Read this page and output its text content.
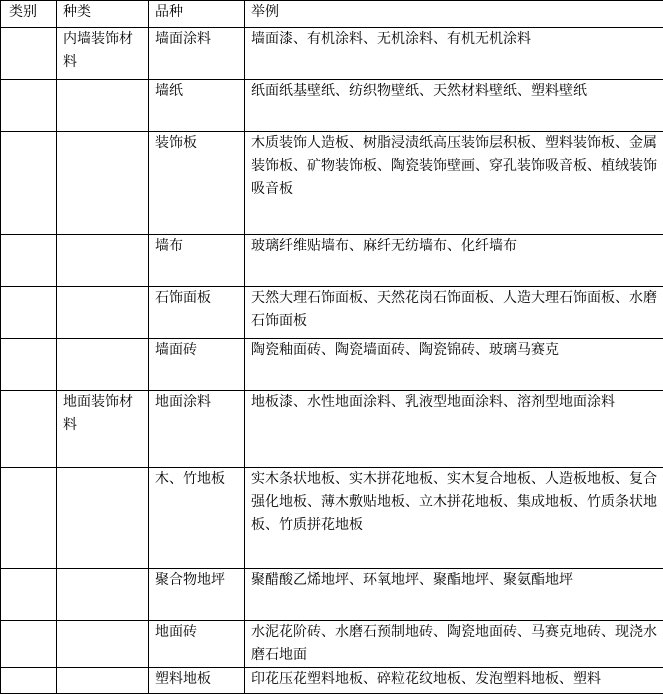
类别	种类	品种	举例
	内墙装饰材料	墙面涂料	墙面漆、有机涂料、无机涂料、有机无机涂料
		墙纸	纸面纸基壁纸、纺织物壁纸、天然材料壁纸、塑料壁纸
		装饰板	木质装饰人造板、树脂浸渍纸高压装饰层积板、塑料装饰板、金属装饰板、矿物装饰板、陶瓷装饰壁画、穿孔装饰吸音板、植绒装饰吸音板
		墙布	玻璃纤维贴墙布、麻纤无纺墙布、化纤墙布
		石饰面板	天然大理石饰面板、天然花岗石饰面板、人造大理石饰面板、水磨石饰面板
		墙面砖	陶瓷釉面砖、陶瓷墙面砖、陶瓷锦砖、玻璃马赛克
	地面装饰材料	地面涂料	地板漆、水性地面涂料、乳液型地面涂料、溶剂型地面涂料
		木、竹地板	实木条状地板、实木拼花地板、实木复合地板、人造板地板、复合强化地板、薄木敷贴地板、立木拼花地板、集成地板、竹质条状地板、竹质拼花地板
		聚合物地坪	聚醋酸乙烯地坪、环氧地坪、聚酯地坪、聚氨酯地坪
		地面砖	水泥花阶砖、水磨石预制地砖、陶瓷地面砖、马赛克地砖、现浇水磨石地面
		塑料地板	印花压花塑料地板、碎粒花纹地板、发泡塑料地板、塑料
